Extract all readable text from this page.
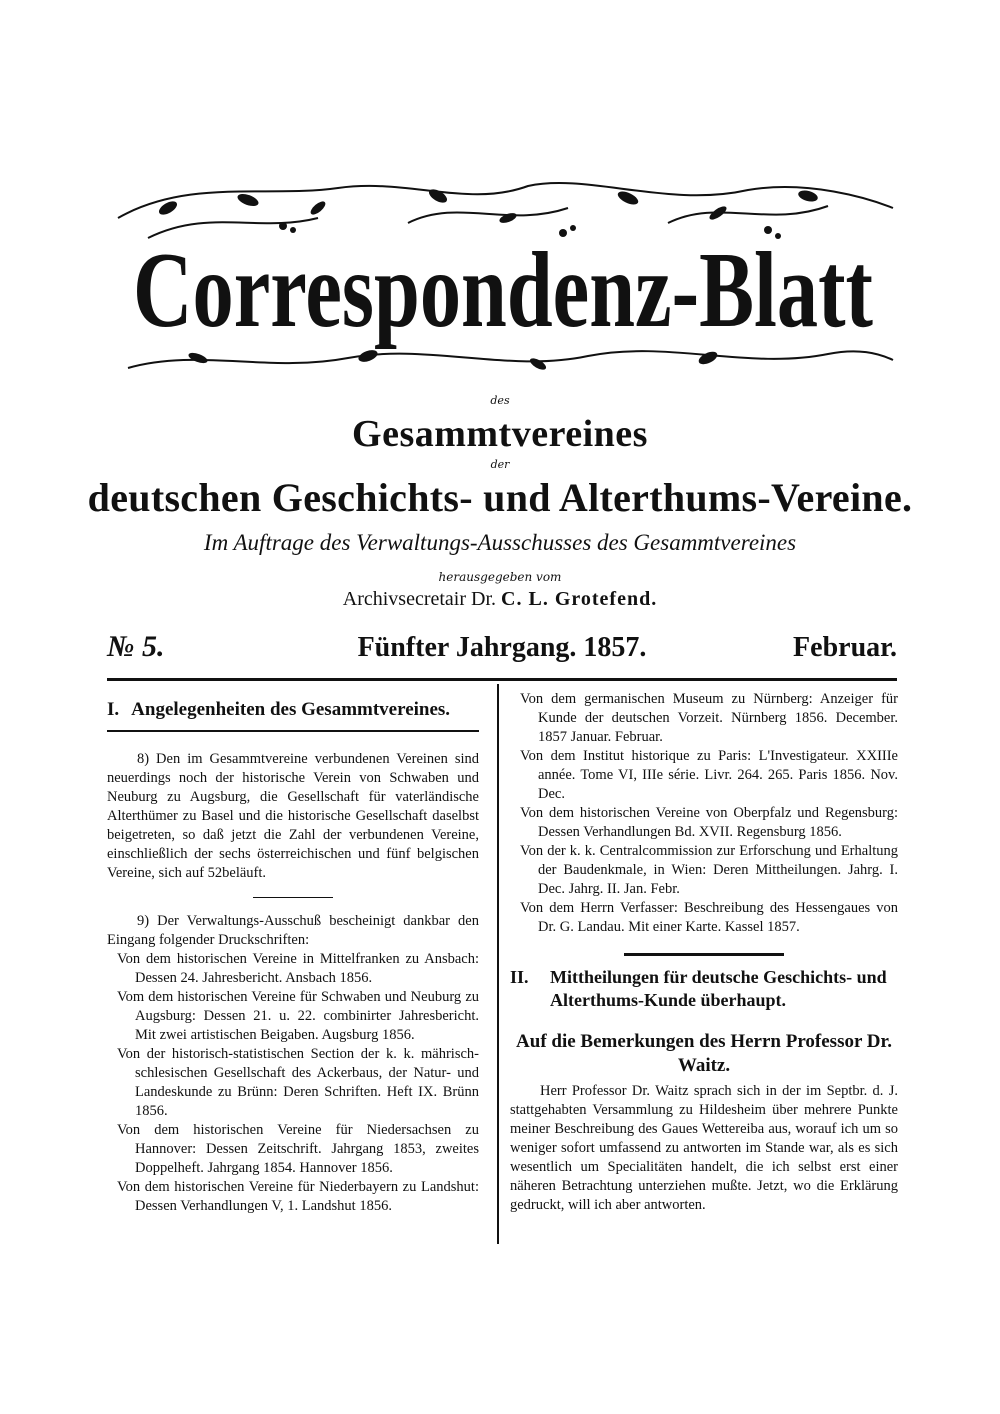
Correspondenz-Blatt
des
Gesammtvereines
der
deutschen Geschichts- und Alterthums-Vereine.
Im Auftrage des Verwaltungs-Ausschusses des Gesammtvereines
herausgegeben vom
Archivsecretair Dr. C. L. Grotefend.
№ 5.	Fünfter Jahrgang. 1857.	Februar.
I. Angelegenheiten des Gesammtvereines.

8) Den im Gesammtvereine verbundenen Vereinen sind neuerdings noch der historische Verein von Schwaben und Neuburg zu Augsburg, die Gesellschaft für vaterländische Alterthümer zu Basel und die historische Gesellschaft daselbst beigetreten, so daß jetzt die Zahl der verbundenen Vereine, einschließlich der sechs österreichischen und fünf belgischen Vereine, sich auf 52beläuft.

9) Der Verwaltungs-Ausschuß bescheinigt dankbar den Eingang folgender Druckschriften:

Von dem historischen Vereine in Mittelfranken zu Ansbach: Dessen 24. Jahresbericht. Ansbach 1856.

Vom dem historischen Vereine für Schwaben und Neuburg zu Augsburg: Dessen 21. u. 22. combinirter Jahresbericht. Mit zwei artistischen Beigaben. Augsburg 1856.

Von der historisch-statistischen Section der k. k. mährisch-schlesischen Gesellschaft des Ackerbaus, der Natur- und Landeskunde zu Brünn: Deren Schriften. Heft IX. Brünn 1856.

Von dem historischen Vereine für Niedersachsen zu Hannover: Dessen Zeitschrift. Jahrgang 1853, zweites Doppelheft. Jahrgang 1854. Hannover 1856.

Von dem historischen Vereine für Niederbayern zu Landshut: Dessen Verhandlungen V, 1. Landshut 1856.

Von dem germanischen Museum zu Nürnberg: Anzeiger für Kunde der deutschen Vorzeit. Nürnberg 1856. December. 1857 Januar. Februar.

Von dem Institut historique zu Paris: L'Investigateur. XXIIIe année. Tome VI, IIIe série. Livr. 264. 265. Paris 1856. Nov. Dec.

Von dem historischen Vereine von Oberpfalz und Regensburg: Dessen Verhandlungen Bd. XVII. Regensburg 1856.

Von der k. k. Centralcommission zur Erforschung und Erhaltung der Baudenkmale, in Wien: Deren Mittheilungen. Jahrg. I. Dec. Jahrg. II. Jan. Febr.

Von dem Herrn Verfasser: Beschreibung des Hessengaues von Dr. G. Landau. Mit einer Karte. Kassel 1857.

II. Mittheilungen für deutsche Geschichts- und Alterthums-Kunde überhaupt.
Auf die Bemerkungen des Herrn Professor Dr. Waitz.

Herr Professor Dr. Waitz sprach sich in der im Septbr. d. J. stattgehabten Versammlung zu Hildesheim über mehrere Punkte meiner Beschreibung des Gaues Wettereiba aus, worauf ich um so weniger sofort umfassend zu antworten im Stande war, als es sich wesentlich um Specialitäten handelt, die ich selbst erst einer näheren Betrachtung unterziehen mußte. Jetzt, wo die Erklärung gedruckt, will ich aber antworten.
